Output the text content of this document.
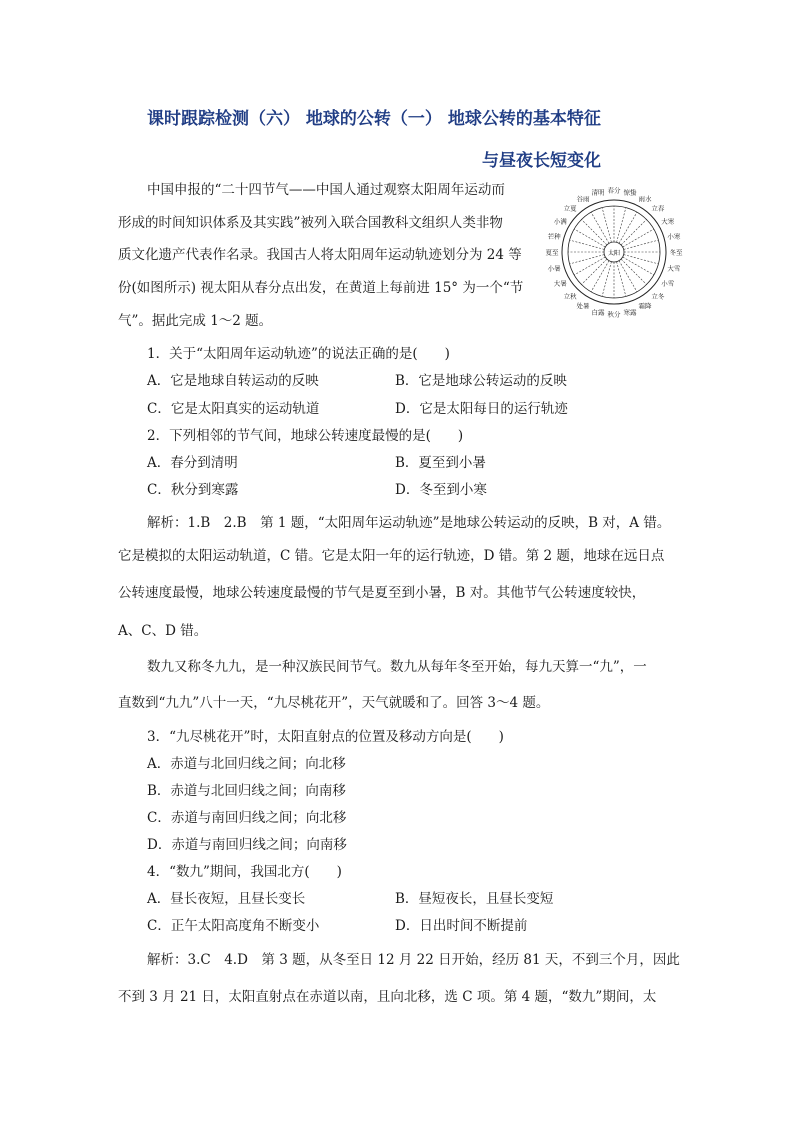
课时跟踪检测（六） 地球的公转（一） 地球公转的基本特征
与昼夜长短变化
中国申报的“二十四节气——中国人通过观察太阳周年运动而
形成的时间知识体系及其实践”被列入联合国教科文组织人类非物
质文化遗产代表作名录。我国古人将太阳周年运动轨迹划分为 24 等
份(如图所示) 视太阳从春分点出发，在黄道上每前进 15° 为一个“节
气”。据此完成 1～2 题。
春分
清明
谷雨
立夏
小满
芒种
夏至
小暑
大暑
立秋
处暑
白露 秋分 寒露
霜降
立冬
小雪
大雪
冬至
小寒
大寒
立春
雨水
惊蛰
太阳
1．关于“太阳周年运动轨迹”的说法正确的是(　　)
A．它是地球自转运动的反映	B．它是地球公转运动的反映
C．它是太阳真实的运动轨道	D．它是太阳每日的运行轨迹
2．下列相邻的节气间，地球公转速度最慢的是(　　)
A．春分到清明	B．夏至到小暑
C．秋分到寒露	D．冬至到小寒
解析：1.B　2.B　第 1 题，“太阳周年运动轨迹”是地球公转运动的反映，B 对，A 错。
它是模拟的太阳运动轨道，C 错。它是太阳一年的运行轨迹，D 错。第 2 题，地球在远日点
公转速度最慢，地球公转速度最慢的节气是夏至到小暑，B 对。其他节气公转速度较快，
A、C、D 错。
数九又称冬九九，是一种汉族民间节气。数九从每年冬至开始，每九天算一“九”，一
直数到“九九”八十一天，“九尽桃花开”，天气就暖和了。回答 3～4 题。
3．“九尽桃花开”时，太阳直射点的位置及移动方向是(　　)
A．赤道与北回归线之间；向北移
B．赤道与北回归线之间；向南移
C．赤道与南回归线之间；向北移
D．赤道与南回归线之间；向南移
4．“数九”期间，我国北方(　　)
A．昼长夜短，且昼长变长	B．昼短夜长，且昼长变短
C．正午太阳高度角不断变小	D．日出时间不断提前
解析：3.C　4.D　第 3 题，从冬至日 12 月 22 日开始，经历 81 天，不到三个月，因此
不到 3 月 21 日，太阳直射点在赤道以南，且向北移，选 C 项。第 4 题，“数九”期间，太
